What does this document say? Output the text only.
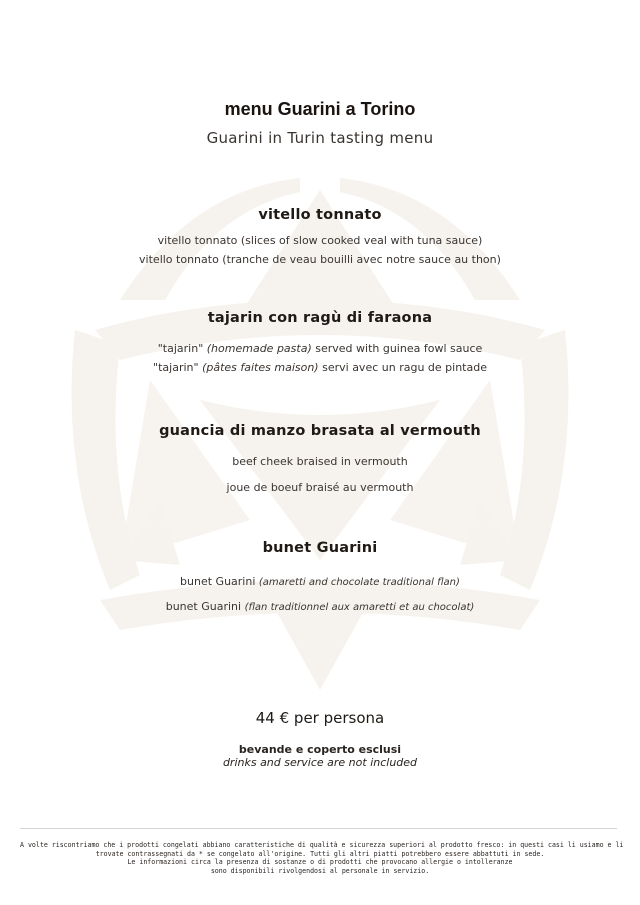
menu Guarini a Torino
Guarini in Turin tasting menu
vitello tonnato
vitello tonnato (slices of slow cooked veal with tuna sauce)
vitello tonnato (tranche de veau bouilli avec notre sauce au thon)
tajarin con ragù di faraona
"tajarin" (homemade pasta) served with guinea fowl sauce
"tajarin" (pâtes faites maison) servi avec un ragu de pintade
guancia di manzo brasata al vermouth
beef cheek braised in vermouth
joue de boeuf braisé au vermouth
bunet Guarini
bunet Guarini (amaretti and chocolate traditional flan)
bunet Guarini (flan traditionnel aux amaretti et au chocolat)
44 € per persona
bevande e coperto esclusi
drinks and service are not included
A volte riscontriamo che i prodotti congelati abbiano caratteristiche di qualità e sicurezza superiori al prodotto fresco: in questi casi li usiamo e li
trovate contrassegnati da * se congelato all'origine. Tutti gli altri piatti potrebbero essere abbattuti in sede.
Le informazioni circa la presenza di sostanze o di prodotti che provocano allergie o intolleranze
sono disponibili rivolgendosi al personale in servizio.
